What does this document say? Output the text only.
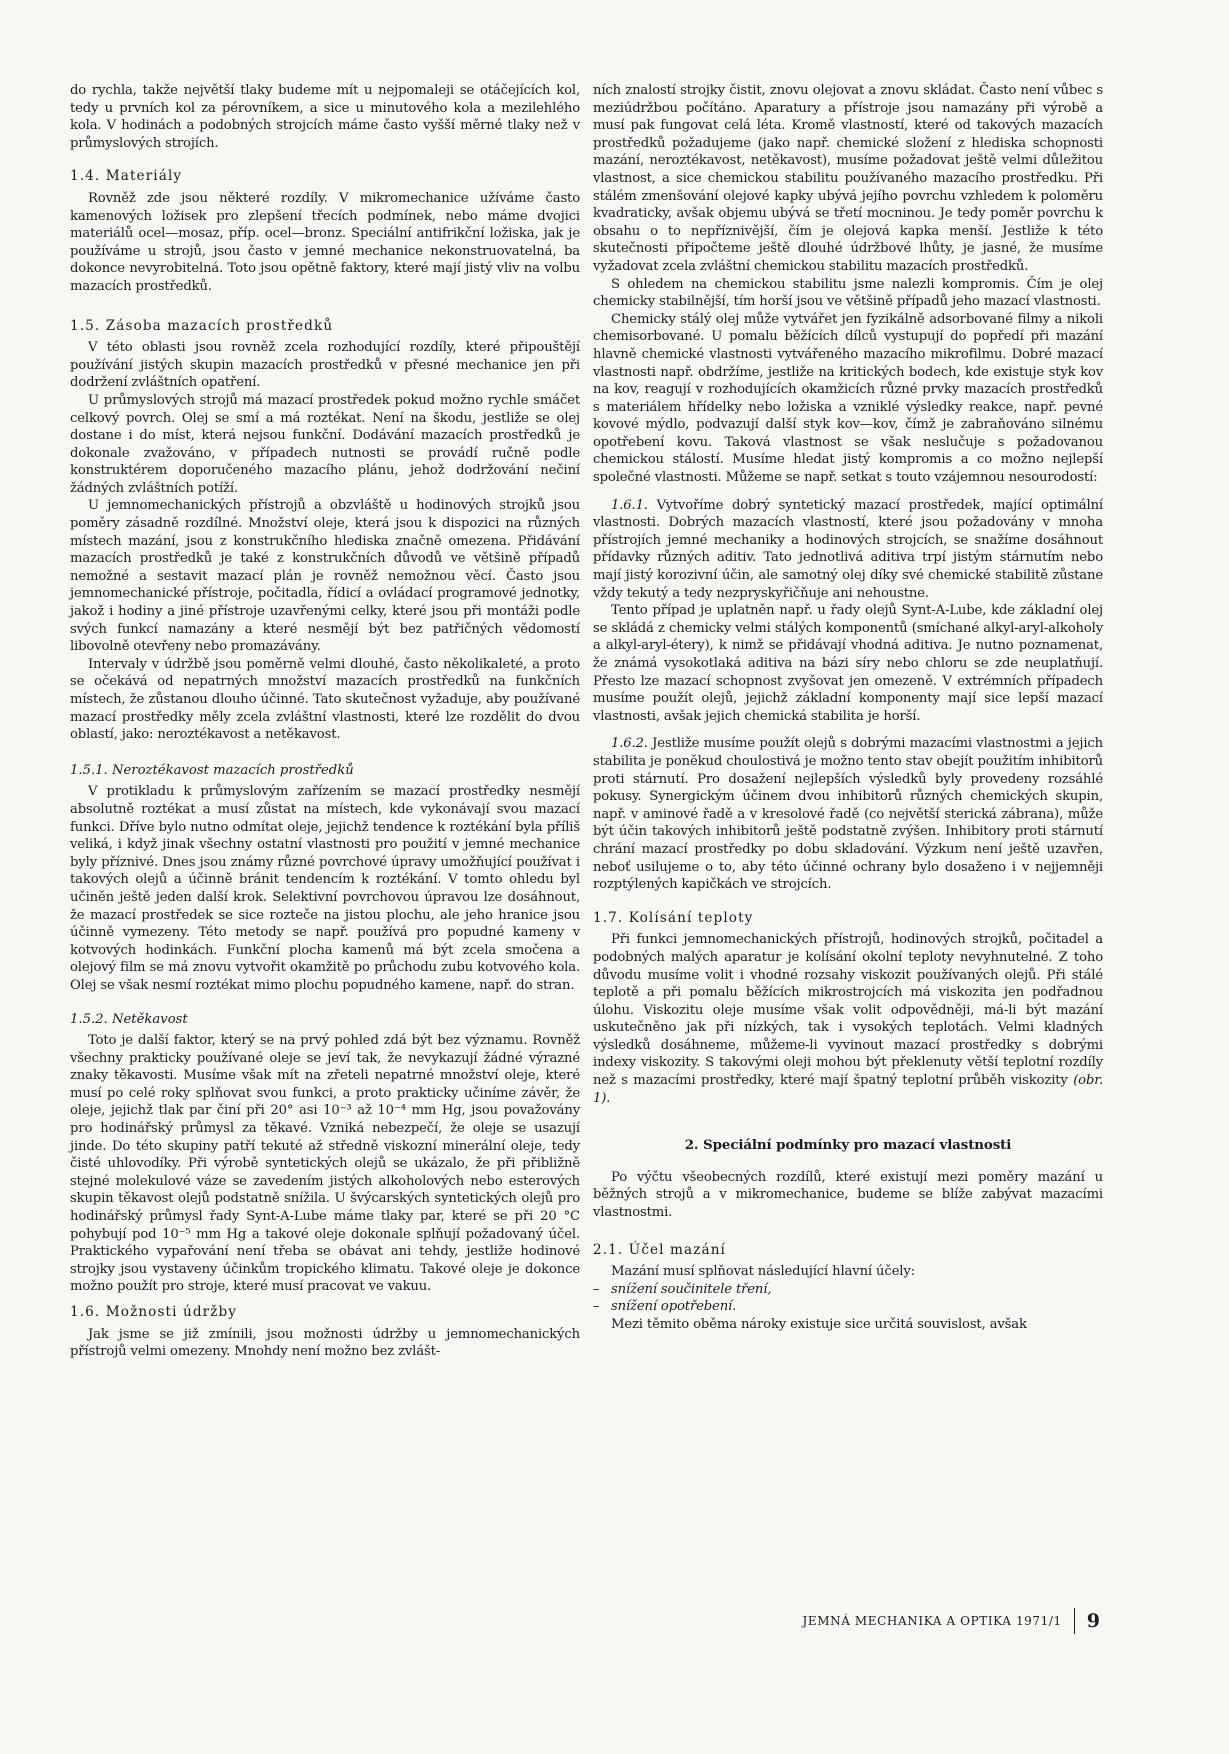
do rychla, takže největší tlaky budeme mít u nejpomaleji se otáčejících kol, tedy u prvních kol za pérovníkem, a sice u minutového kola a mezilehlého kola. V hodinách a podobných strojcích máme často vyšší měrné tlaky než v průmyslových strojích.

1.4. Materiály

Rovněž zde jsou některé rozdíly. V mikromechanice užíváme často kamenových ložisek pro zlepšení třecích podmínek, nebo máme dvojici materiálů ocel—mosaz, příp. ocel—bronz. Speciální antifrikční ložiska, jak je používáme u strojů, jsou často v jemné mechanice nekonstruovatelná, ba dokonce nevyrobitelná. Toto jsou opětně faktory, které mají jistý vliv na volbu mazacích prostředků.

1.5. Zásoba mazacích prostředků

V této oblasti jsou rovněž zcela rozhodující rozdíly, které připouštějí používání jistých skupin mazacích prostředků v přesné mechanice jen při dodržení zvláštních opatření.

U průmyslových strojů má mazací prostředek pokud možno rychle smáčet celkový povrch. Olej se smí a má roztékat. Není na škodu, jestliže se olej dostane i do míst, která nejsou funkční. Dodávání mazacích prostředků je dokonale zvažováno, v případech nutnosti se provádí ručně podle konstruktérem doporučeného mazacího plánu, jehož dodržování nečiní žádných zvláštních potíží.

U jemnomechanických přístrojů a obzvláště u hodinových strojků jsou poměry zásadně rozdílné. Množství oleje, která jsou k dispozici na různých místech mazání, jsou z konstrukčního hlediska značně omezena. Přidávání mazacích prostředků je také z konstrukčních důvodů ve většině případů nemožné a sestavit mazací plán je rovněž nemožnou věcí. Často jsou jemnomechanické přístroje, počitadla, řídicí a ovládací programové jednotky, jakož i hodiny a jiné přístroje uzavřenými celky, které jsou při montáži podle svých funkcí namazány a které nesmějí být bez patřičných vědomostí libovolně otevřeny nebo promazávány.

Intervaly v údržbě jsou poměrně velmi dlouhé, často několikaleté, a proto se očekává od nepatrných množství mazacích prostředků na funkčních místech, že zůstanou dlouho účinné. Tato skutečnost vyžaduje, aby používané mazací prostředky měly zcela zvláštní vlastnosti, které lze rozdělit do dvou oblastí, jako: neroztékavost a netěkavost.

1.5.1. Neroztékavost mazacích prostředků

V protikladu k průmyslovým zařízením se mazací prostředky nesmějí absolutně roztékat a musí zůstat na místech, kde vykonávají svou mazací funkci. Dříve bylo nutno odmítat oleje, jejichž tendence k roztékání byla příliš veliká, i když jinak všechny ostatní vlastnosti pro použití v jemné mechanice byly příznivé. Dnes jsou známy různé povrchové úpravy umožňující používat i takových olejů a účinně bránit tendencím k roztékání. V tomto ohledu byl učiněn ještě jeden další krok. Selektivní povrchovou úpravou lze dosáhnout, že mazací prostředek se sice rozteče na jistou plochu, ale jeho hranice jsou účinně vymezeny. Této metody se např. používá pro popudné kameny v kotvových hodinkách. Funkční plocha kamenů má být zcela smočena a olejový film se má znovu vytvořit okamžitě po průchodu zubu kotvového kola. Olej se však nesmí roztékat mimo plochu popudného kamene, např. do stran.

1.5.2. Netěkavost

Toto je další faktor, který se na prvý pohled zdá být bez významu. Rovněž všechny prakticky používané oleje se jeví tak, že nevykazují žádné výrazné znaky těkavosti. Musíme však mít na zřeteli nepatrné množství oleje, které musí po celé roky splňovat svou funkci, a proto prakticky učiníme závěr, že oleje, jejichž tlak par činí při 20° asi 10⁻³ až 10⁻⁴ mm Hg, jsou považovány pro hodinářský průmysl za těkavé. Vzniká nebezpečí, že oleje se usazují jinde. Do této skupiny patří tekuté až středně viskozní minerální oleje, tedy čisté uhlovodíky. Při výrobě syntetických olejů se ukázalo, že při přibližně stejné molekulové váze se zavedením jistých alkoholových nebo esterových skupin těkavost olejů podstatně snížila. U švýcarských syntetických olejů pro hodinářský průmysl řady Synt-A-Lube máme tlaky par, které se při 20 °C pohybují pod 10⁻⁵ mm Hg a takové oleje dokonale splňují požadovaný účel. Praktického vypařování není třeba se obávat ani tehdy, jestliže hodinové strojky jsou vystaveny účinkům tropického klimatu. Takové oleje je dokonce možno použít pro stroje, které musí pracovat ve vakuu.

1.6. Možnosti údržby

Jak jsme se již zmínili, jsou možnosti údržby u jemnomechanických přístrojů velmi omezeny. Mnohdy není možno bez zvlášt-

ních znalostí strojky čistit, znovu olejovat a znovu skládat. Často není vůbec s meziúdržbou počítáno. Aparatury a přístroje jsou namazány při výrobě a musí pak fungovat celá léta. Kromě vlastností, které od takových mazacích prostředků požadujeme (jako např. chemické složení z hlediska schopnosti mazání, neroztékavost, netěkavost), musíme požadovat ještě velmi důležitou vlastnost, a sice chemickou stabilitu používaného mazacího prostředku. Při stálém zmenšování olejové kapky ubývá jejího povrchu vzhledem k poloměru kvadraticky, avšak objemu ubývá se třetí mocninou. Je tedy poměr povrchu k obsahu o to nepříznivější, čím je olejová kapka menší. Jestliže k této skutečnosti připočteme ještě dlouhé údržbové lhůty, je jasné, že musíme vyžadovat zcela zvláštní chemickou stabilitu mazacích prostředků.

S ohledem na chemickou stabilitu jsme nalezli kompromis. Čím je olej chemicky stabilnější, tím horší jsou ve většině případů jeho mazací vlastnosti.

Chemicky stálý olej může vytvářet jen fyzikálně adsorbované filmy a nikoli chemisorbované. U pomalu běžících dílců vystupují do popředí při mazání hlavně chemické vlastnosti vytvářeného mazacího mikrofilmu. Dobré mazací vlastnosti např. obdržíme, jestliže na kritických bodech, kde existuje styk kov na kov, reagují v rozhodujících okamžicích různé prvky mazacích prostředků s materiálem hřídelky nebo ložiska a vzniklé výsledky reakce, např. pevné kovové mýdlo, podvazují další styk kov—kov, čímž je zabraňováno silnému opotřebení kovu. Taková vlastnost se však neslučuje s požadovanou chemickou stálostí. Musíme hledat jistý kompromis a co možno nejlepší společné vlastnosti. Můžeme se např. setkat s touto vzájemnou nesourodostí:

1.6.1. Vytvoříme dobrý syntetický mazací prostředek, mající optimální vlastnosti. Dobrých mazacích vlastností, které jsou požadovány v mnoha přístrojích jemné mechaniky a hodinových strojcích, se snažíme dosáhnout přídavky různých aditiv. Tato jednotlivá aditiva trpí jistým stárnutím nebo mají jistý korozivní účin, ale samotný olej díky své chemické stabilitě zůstane vždy tekutý a tedy nezpryskyřičňuje ani nehoustne.

Tento případ je uplatněn např. u řady olejů Synt-A-Lube, kde základní olej se skládá z chemicky velmi stálých komponentů (smíchané alkyl-aryl-alkoholy a alkyl-aryl-étery), k nimž se přidávají vhodná aditiva. Je nutno poznamenat, že známá vysokotlaká aditiva na bázi síry nebo chloru se zde neuplatňují. Přesto lze mazací schopnost zvyšovat jen omezeně. V extrémních případech musíme použít olejů, jejichž základní komponenty mají sice lepší mazací vlastnosti, avšak jejich chemická stabilita je horší.

1.6.2. Jestliže musíme použít olejů s dobrými mazacími vlastnostmi a jejich stabilita je poněkud choulostivá je možno tento stav obejít použitím inhibitorů proti stárnutí. Pro dosažení nejlepších výsledků byly provedeny rozsáhlé pokusy. Synergickým účinem dvou inhibitorů různých chemických skupin, např. v aminové řadě a v kresolové řadě (co největší sterická zábrana), může být účin takových inhibitorů ještě podstatně zvýšen. Inhibitory proti stárnutí chrání mazací prostředky po dobu skladování. Výzkum není ještě uzavřen, neboť usilujeme o to, aby této účinné ochrany bylo dosaženo i v nejjemněji rozptýlených kapičkách ve strojcích.

1.7. Kolísání teploty

Při funkci jemnomechanických přístrojů, hodinových strojků, počitadel a podobných malých aparatur je kolísání okolní teploty nevyhnutelné. Z toho důvodu musíme volit i vhodné rozsahy viskozit používaných olejů. Při stálé teplotě a při pomalu běžících mikrostrojcích má viskozita jen podřadnou úlohu. Viskozitu oleje musíme však volit odpovědněji, má-li být mazání uskutečněno jak při nízkých, tak i vysokých teplotách. Velmi kladných výsledků dosáhneme, můžeme-li vyvinout mazací prostředky s dobrými indexy viskozity. S takovými oleji mohou být překlenuty větší teplotní rozdíly než s mazacími prostředky, které mají špatný teplotní průběh viskozity (obr. 1).

2. Speciální podmínky pro mazací vlastnosti

Po výčtu všeobecných rozdílů, které existují mezi poměry mazání u běžných strojů a v mikromechanice, budeme se blíže zabývat mazacími vlastnostmi.

2.1. Účel mazání

Mazání musí splňovat následující hlavní účely:

– snížení součinitele tření,
– snížení opotřebení.

Mezi těmito oběma nároky existuje sice určitá souvislost, avšak

JEMNÁ MECHANIKA A OPTIKA 1971/1 9
